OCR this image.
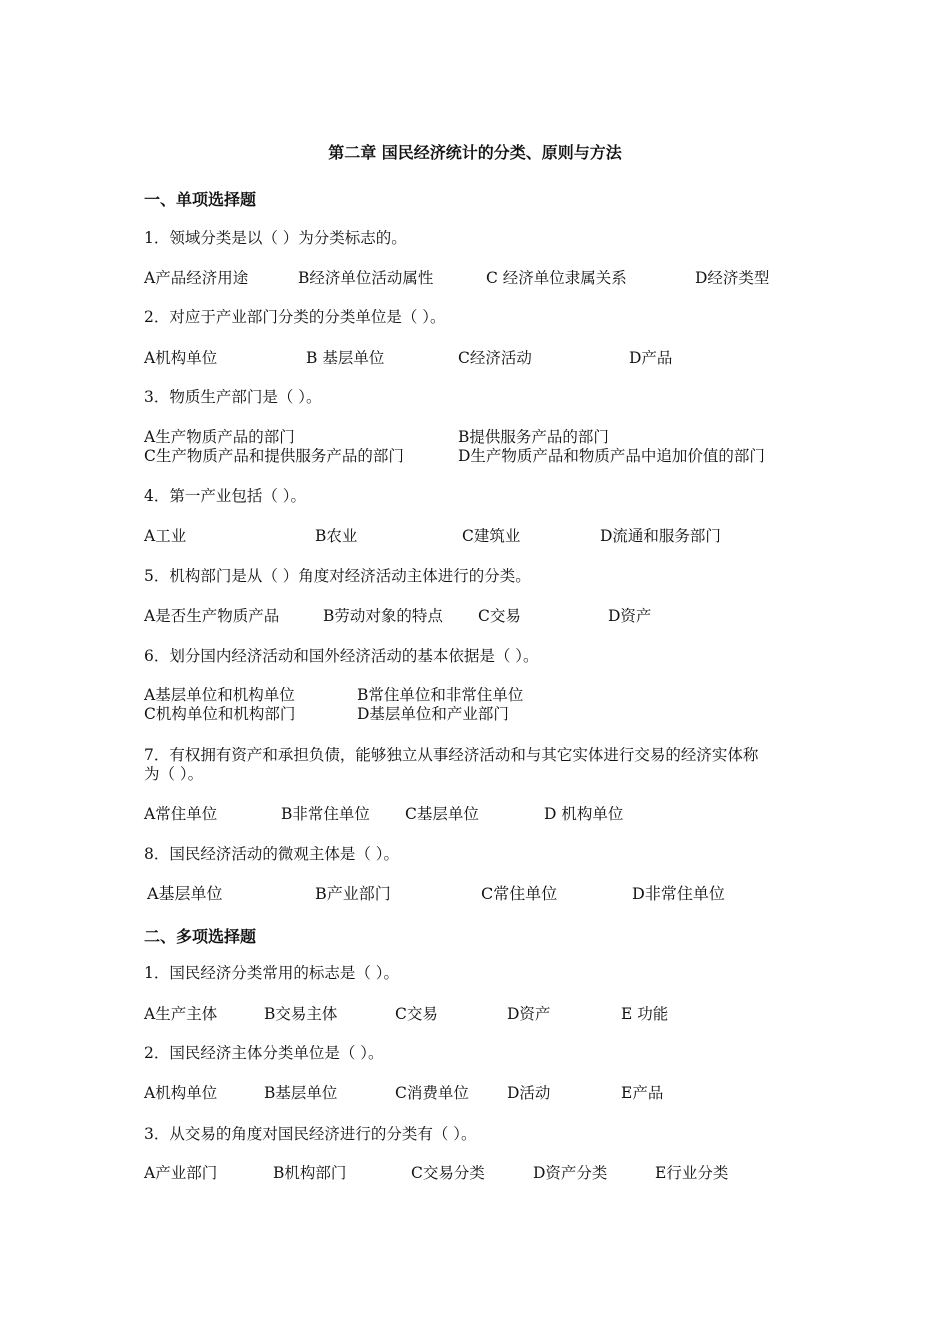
第二章 国民经济统计的分类、原则与方法
一、单项选择题
1．领域分类是以（ ）为分类标志的。
A产品经济用途	B经济单位活动属性	C 经济单位隶属关系	D经济类型
2．对应于产业部门分类的分类单位是（ ）。
A机构单位	B 基层单位	C经济活动	D产品
3．物质生产部门是（ ）。
A生产物质产品的部门	B提供服务产品的部门
C生产物质产品和提供服务产品的部门	D生产物质产品和物质产品中追加价值的部门
4．第一产业包括（ ）。
A工业	B农业	C建筑业	D流通和服务部门
5．机构部门是从（ ）角度对经济活动主体进行的分类。
A是否生产物质产品	B劳动对象的特点 C交易	D资产
6．划分国内经济活动和国外经济活动的基本依据是（ ）。
A基层单位和机构单位	B常住单位和非常住单位
C机构单位和机构部门	D基层单位和产业部门
7．有权拥有资产和承担负债，能够独立从事经济活动和与其它实体进行交易的经济实体称
为（ ）。
A常住单位	B非常住单位 C基层单位	D 机构单位
8．国民经济活动的微观主体是（ ）。
A基层单位	B产业部门	C常住单位	D非常住单位
二、多项选择题
1．国民经济分类常用的标志是（ ）。
A生产主体	B交易主体	C交易	D资产	E 功能
2．国民经济主体分类单位是（ ）。
A机构单位	B基层单位	C消费单位 D活动	E产品
3．从交易的角度对国民经济进行的分类有（ ）。
A产业部门	B机构部门	C交易分类	D资产分类	E行业分类
